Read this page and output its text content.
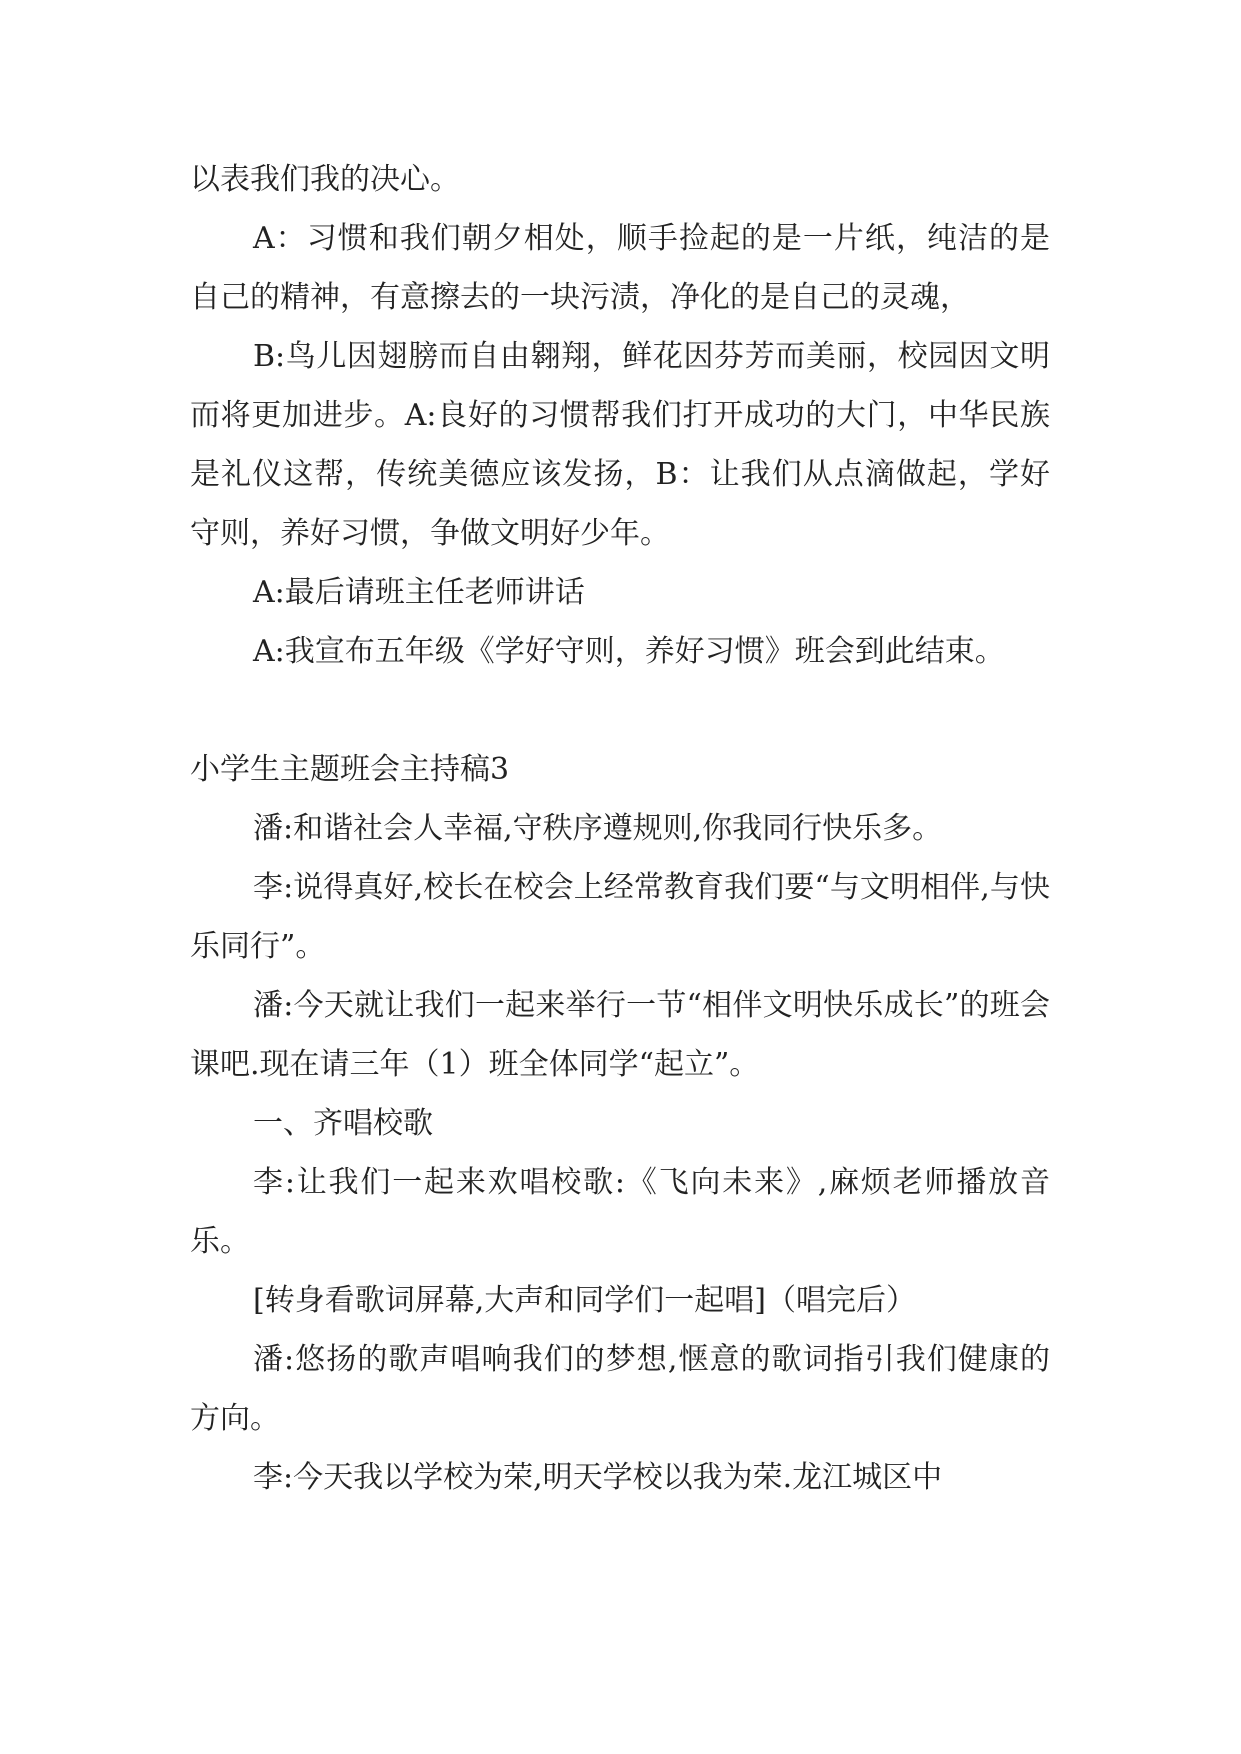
以表我们我的决心。

A：习惯和我们朝夕相处，顺手捡起的是一片纸，纯洁的是自己的精神，有意擦去的一块污渍，净化的是自己的灵魂，

B:鸟儿因翅膀而自由翱翔，鲜花因芬芳而美丽，校园因文明而将更加进步。A:良好的习惯帮我们打开成功的大门，中华民族是礼仪这帮，传统美德应该发扬，B：让我们从点滴做起，学好守则，养好习惯，争做文明好少年。

A:最后请班主任老师讲话

A:我宣布五年级《学好守则，养好习惯》班会到此结束。

小学生主题班会主持稿3

潘:和谐社会人幸福,守秩序遵规则,你我同行快乐多。

李:说得真好,校长在校会上经常教育我们要“与文明相伴,与快乐同行”。

潘:今天就让我们一起来举行一节“相伴文明快乐成长”的班会课吧.现在请三年（1）班全体同学“起立”。

一、齐唱校歌

李:让我们一起来欢唱校歌:《飞向未来》,麻烦老师播放音乐。

[转身看歌词屏幕,大声和同学们一起唱]（唱完后）

潘:悠扬的歌声唱响我们的梦想,惬意的歌词指引我们健康的方向。

李:今天我以学校为荣,明天学校以我为荣.龙江城区中
